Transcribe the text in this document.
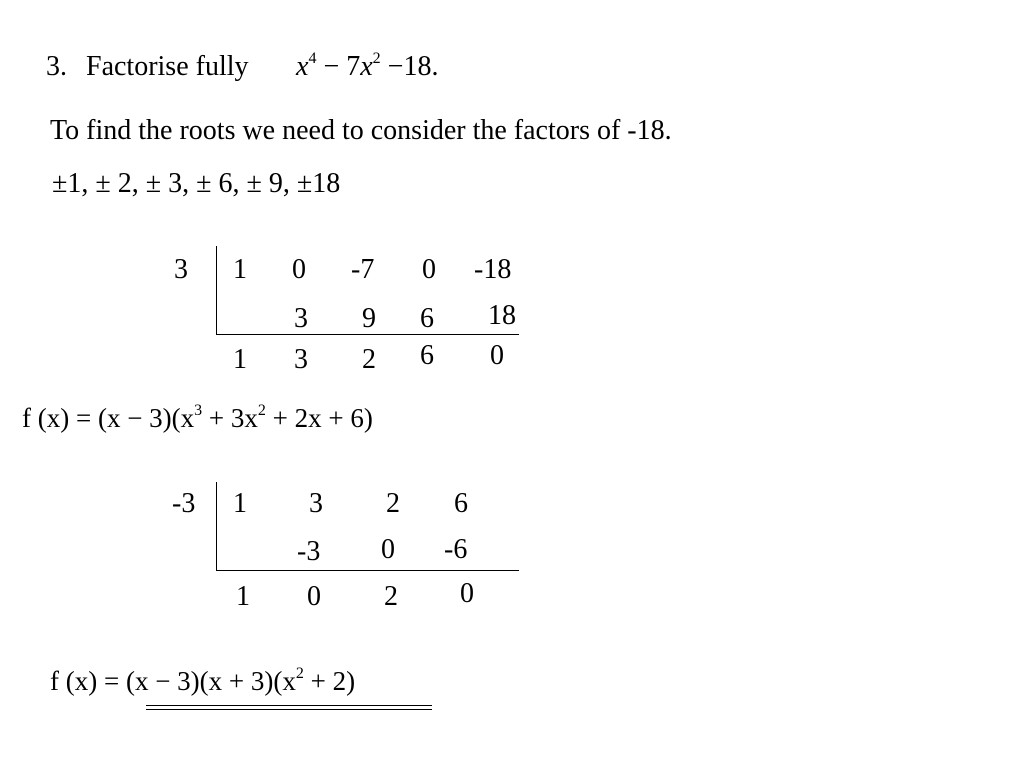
3. Factorise fully $x^4 - 7x^2 -18$.
To find the roots we need to consider the factors of -18.
±1, ± 2, ± 3, ± 6, ± 9, ±18
3 1 0 -7 0 -18
3 9 6 18
1 3 2 6 0
f $(x) = (x - 3)(x^3 + 3x^2 + 2x + 6)$
-3 1 3 2 6
-3 0 -6
1 0 2 0
f $(x) = (x - 3)(x + 3)(x^2 + 2)$
